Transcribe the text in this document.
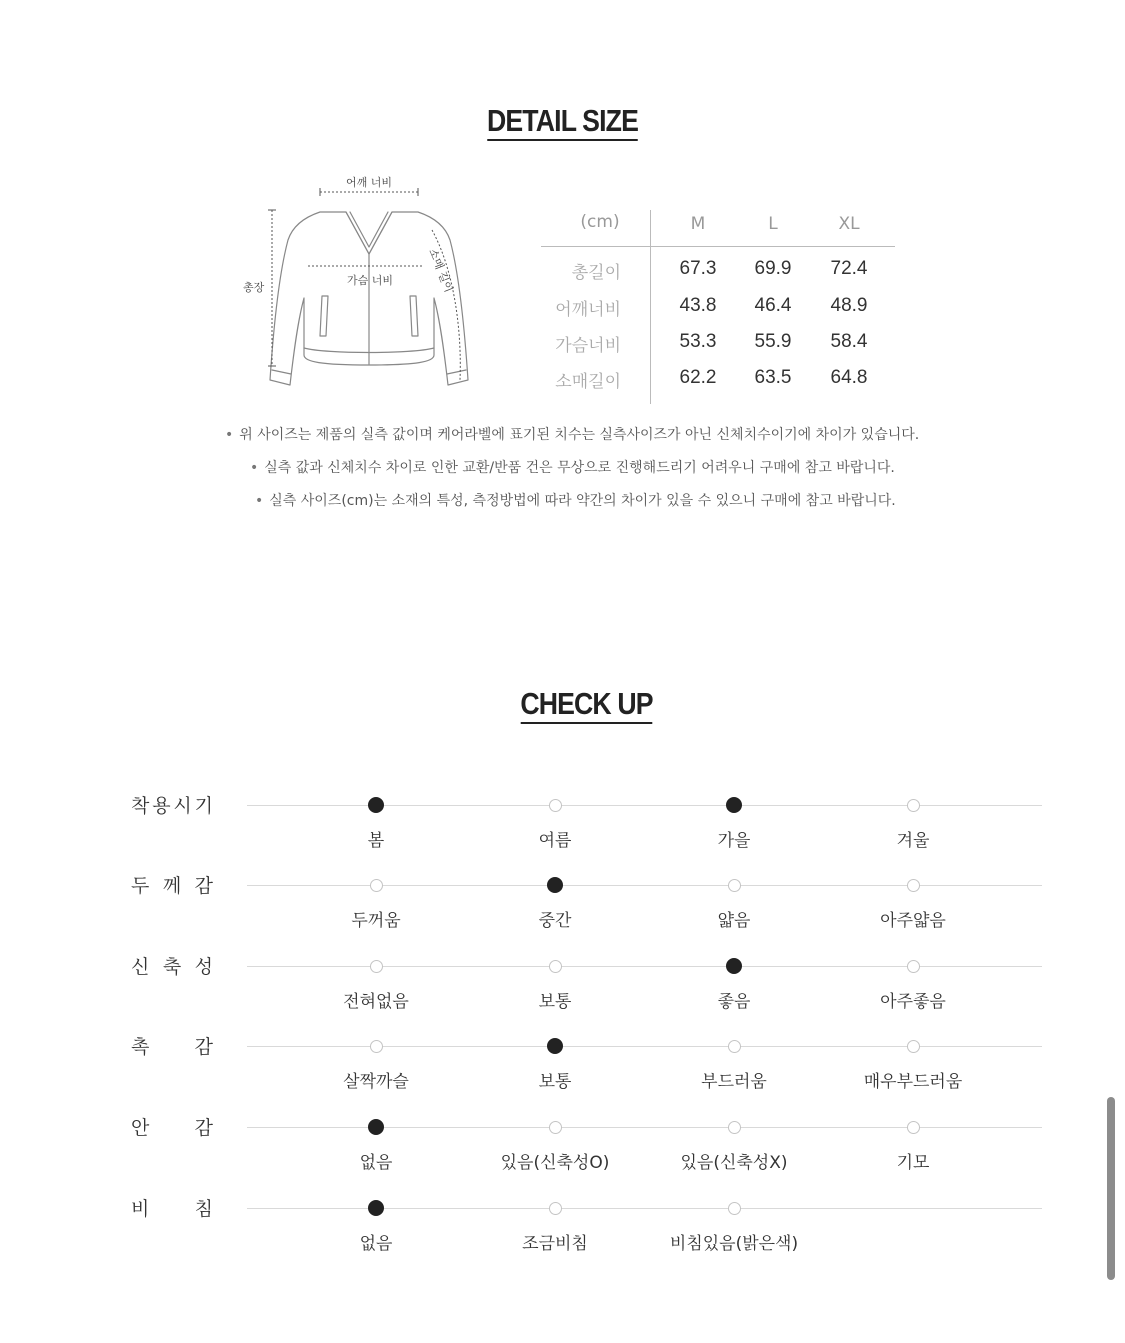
DETAIL SIZE
어깨 너비
가슴 너비
총장	소매 길이
(cm)	M	L	XL
총길이	67.3	69.9	72.4
어깨너비	43.8	46.4	48.9
가슴너비	53.3	55.9	58.4
소매길이	62.2	63.5	64.8
• 위 사이즈는 제품의 실측 값이며 케어라벨에 표기된 치수는 실측사이즈가 아닌 신체치수이기에 차이가 있습니다.
• 실측 값과 신체치수 차이로 인한 교환/반품 건은 무상으로 진행해드리기 어려우니 구매에 참고 바랍니다.
• 실측 사이즈(cm)는 소재의 특성, 측정방법에 따라 약간의 차이가 있을 수 있으니 구매에 참고 바랍니다.
CHECK UP
착 용 시 기
봄	여름	가을	겨울
두 께 감
두꺼움	중간	얇음	아주얇음
신 축 성
전혀없음	보통	좋음	아주좋음
촉 감
살짝까슬	보통	부드러움	매우부드러움
안 감
없음	있음(신축성O)	있음(신축성X)	기모
비 침
없음	조금비침	비침있음(밝은색)
